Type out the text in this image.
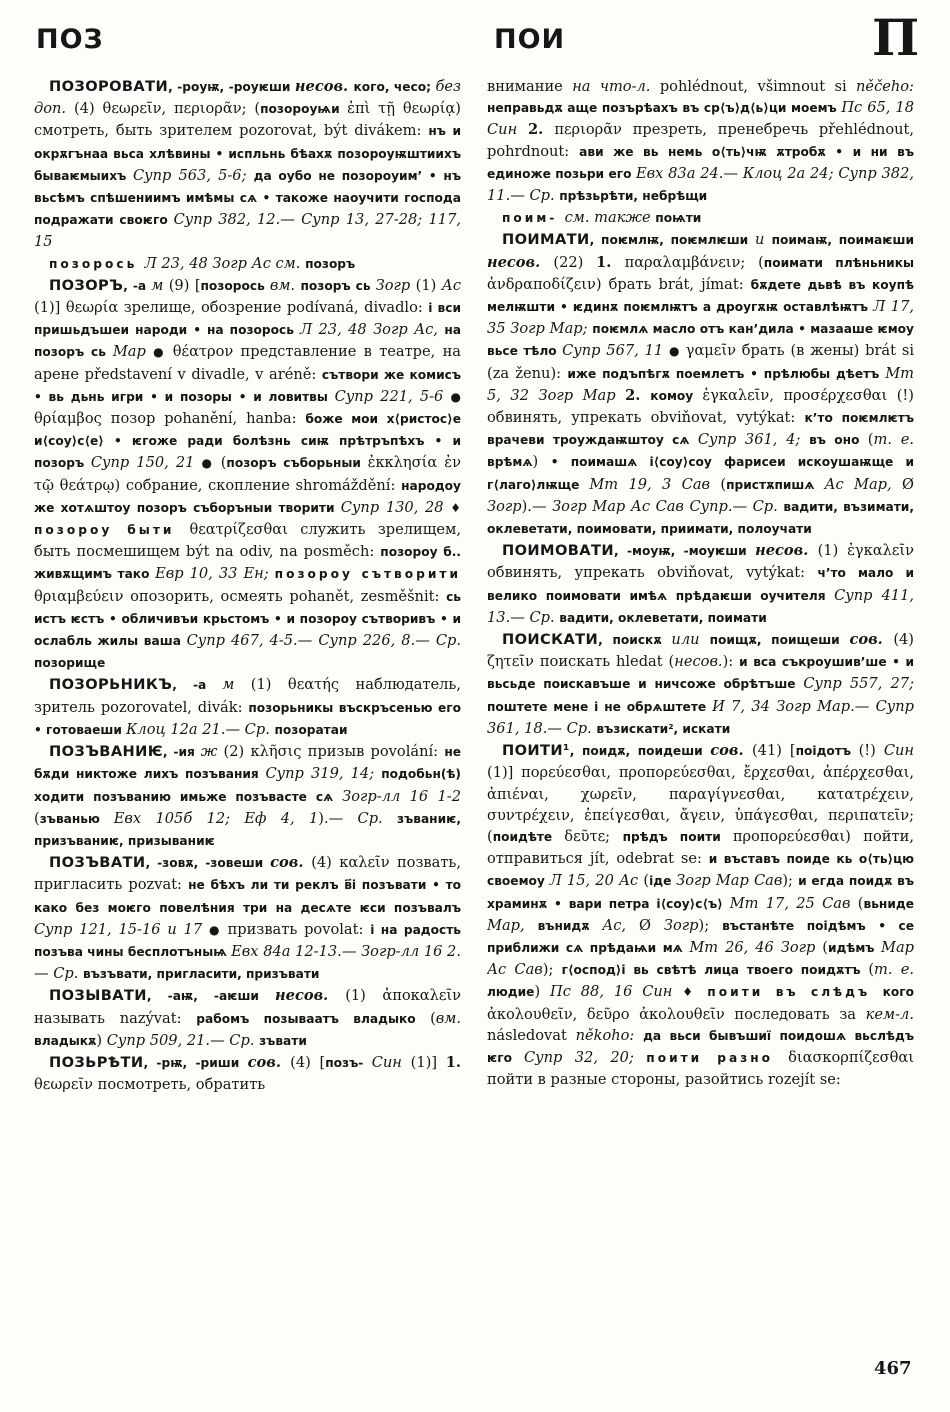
ПОЗ	ПОИ	П

ПОЗОРОВАТИ, -роуѭ, -роуѥши несов. кого, чесо; без доп. (4) θεωρεῖν, περιορᾶν; (позороуѩи ἐπὶ τῇ θεωρίᾳ) смотреть, быть зрителем pozorovat, být divákem: нъ и окрѫгънаа вьса хлѣвины • испльнь бѣахѫ позороуѭштиихъ бываѥмыихъ Супр 563, 5-6; да оубо не позороуим’ • нъ вьсѣмъ спѣшениимъ имѣмы сѧ • такоже наоучити господа подражати своѥго Супр 382, 12.— Супр 13, 27-28; 117, 15

позорось Л 23, 48 Зогр Ас см. позоръ

ПОЗОРЪ, -а м (9) [позорось вм. позоръ сь Зогр (1) Ас (1)] θεωρία зрелище, обозрение podívaná, divadlo: і вси пришьдъшеи народи • на позорось Л 23, 48 Зогр Ас, на позоръ сь Мар ● θέατρον представление в театре, на арене představení v divadle, v aréně: сътвори же комисъ • вь дьнь игри • и позоры • и ловитвы Супр 221, 5-6 ● θρίαμβος позор pohanění, hanba: боже мои х⟨ристос⟩е и⟨соу⟩с⟨е⟩ • ѥгоже ради болѣзнь сиѭ прѣтръпѣхъ • и позоръ Супр 150, 21 ● (позоръ съборьныи ἐκκλησία ἐν τῷ θεάτρῳ) собрание, скопление shromáždění: народоу же хотѧштоу позоръ съборъныи творити Супр 130, 28 ♦ позороу быти θεατρίζεσθαι служить зрелищем, быть посмешищем být na odiv, na posměch: позороу б.. живѫщимъ тако Евр 10, 33 Ен; позороу сътворити θριαμβεύειν опозорить, осмеять pohanět, zesměšnit: сь истъ ѥстъ • обличивъи крьстомъ • и позороу сътворивъ • и ослабль жилы ваша Супр 467, 4-5.— Супр 226, 8.— Ср. позорище

ПОЗОРЬНИКЪ, -а м (1) θεατής наблюдатель, зритель pozorovatel, divák: позорьникы въскръсенью его • готоваеши Клоц 12а 21.— Ср. позоратаи

ПОЗЪВАНИѤ, -ия ж (2) κλῆσις призыв povolání: не бѫди никтоже лихъ позъвания Супр 319, 14; подобьн(ѣ) ходити позъванию имьже позъвасте сѧ Зогр-лл 16 1-2 (зъванью Евх 105б 12; Еф 4, 1).— Ср. зъваниѥ, призъваниѥ, призываниѥ

ПОЗЪВАТИ, -зовѫ, -зовеши сов. (4) καλεῖν позвать, пригласить pozvat: не бѣхъ ли ти реклъ в҃і позъвати • то како без моѥго повелѣния три на десѧте ѥси позъвалъ Супр 121, 15-16 и 17 ● призвать povolat: і на радость позъва чины бесплотъныѩ Евх 84а 12-13.— Зогр-лл 16 2.— Ср. възъвати, пригласити, призъвати

ПОЗЫВАТИ, -аѭ, -аѥши несов. (1) ἀποκαλεῖν называть nazývat: рабомъ позываатъ владыко (вм. владыкѫ) Супр 509, 21.— Ср. зъвати

ПОЗЬРѢТИ, -рѭ, -риши сов. (4) [позъ- Син (1)] 1. θεωρεῖν посмотреть, обратить

внимание на что-л. pohlédnout, všimnout si něčeho: неправьдѫ аще позърѣахъ въ ср⟨ъ⟩д⟨ь⟩ци моемъ Пс 65, 18 Син 2. περιορᾶν презреть, пренебречь přehlédnout, pohrdnout: ави же вь немь о⟨ть⟩чѭ ѫтробѫ • и ни въ единоже позьри его Евх 83а 24.— Клоц 2а 24; Супр 382, 11.— Ср. прѣзьрѣти, небрѣщи

поим- см. также поѩти

ПОИМАТИ, поѥмлѭ, поѥмлѥши и поимаѭ, поимаѥши несов. (22) 1. παραλαμβάνειν; (поимати плѣньникы ἀνδραποδίζειν) брать brát, jímat: бѫдете дьвѣ въ коупѣ мелѭшти • ѥдинѫ поѥмлѭтъ а дроугѫѭ оставлѣѭтъ Л 17, 35 Зогр Мар; поѥмлѧ масло отъ кан’дила • мазааше ѥмоу вьсе тѣло Супр 567, 11 ● γαμεῖν брать (в жены) brát si (za ženu): иже подъпѣгѫ поемлетъ • прѣлюбы дѣетъ Мт 5, 32 Зогр Мар 2. комоу ἐγκαλεῖν, προσέρχεσθαι (!) обвинять, упрекать obviňovat, vytýkat: к’то поѥмлѥтъ врачеви троуждаѭштоу сѧ Супр 361, 4; въ оно (т. е. врѣмѧ) • поимашѧ і⟨соу⟩соу фарисеи искоушаѭще и г⟨лаго⟩лѭще Мт 19, 3 Сав (пристѫпишѧ Ас Мар, Ø Зогр).— Зогр Мар Ас Сав Супр.— Ср. вадити, възимати, оклеветати, поимовати, приимати, полоучати

ПОИМОВАТИ, -моуѭ, -моуѥши несов. (1) ἐγκαλεῖν обвинять, упрекать obviňovat, vytýkat: ч’то мало и велико поимовати имѣѧ прѣдаѥши оучителя Супр 411, 13.— Ср. вадити, оклеветати, поимати

ПОИСКАТИ, поискѫ или поищѫ, поищеши сов. (4) ζητεῖν поискать hledat (несов.): и вса съкроушив’ше • и вьсьде поискавъше и ничсоже обрѣтъше Супр 557, 27; поштете мене і не обрѧштете И 7, 34 Зогр Мар.— Супр 361, 18.— Ср. възискати², искати

ПОИТИ¹, поидѫ, поидеши сов. (41) [поідотъ (!) Син (1)] πορεύεσθαι, προπορεύεσθαι, ἔρχεσθαι, ἀπέρχεσθαι, ἀπιέναι, χωρεῖν, παραγίγνεσθαι, κατατρέχειν, συντρέχειν, ἐπείγεσθαι, ἄγειν, ὑπάγεσθαι, περιπατεῖν; (поидѣте δεῦτε; прѣдъ поити προπορεύεσθαι) пойти, отправиться jít, odebrat se: и въставъ поиде кь о⟨ть⟩цю своемоу Л 15, 20 Ас (іде Зогр Мар Сав); и егда поидѫ въ храминѫ • вари петра і⟨соу⟩с⟨ъ⟩ Мт 17, 25 Сав (вьниде Мар, вънидѫ Ас, Ø Зогр); въстанѣте поідѣмъ • се приближи сѧ прѣдаѩи мѧ Мт 26, 46 Зогр (идѣмъ Мар Ас Сав); г⟨оспод⟩і вь свѣтѣ лица твоего поидѫтъ (т. е. людие) Пс 88, 16 Син ♦ поити въ слѣдъ кого ἀκολουθεῖν, δεῦρο ἀκολουθεῖν последовать за кем-л. následovat někoho: да вьси бывъшиї поидошѧ вьслѣдъ ѥго Супр 32, 20; поити разно διασκορπίζεσθαι пойти в разные стороны, разойтись rozejít se:

467
